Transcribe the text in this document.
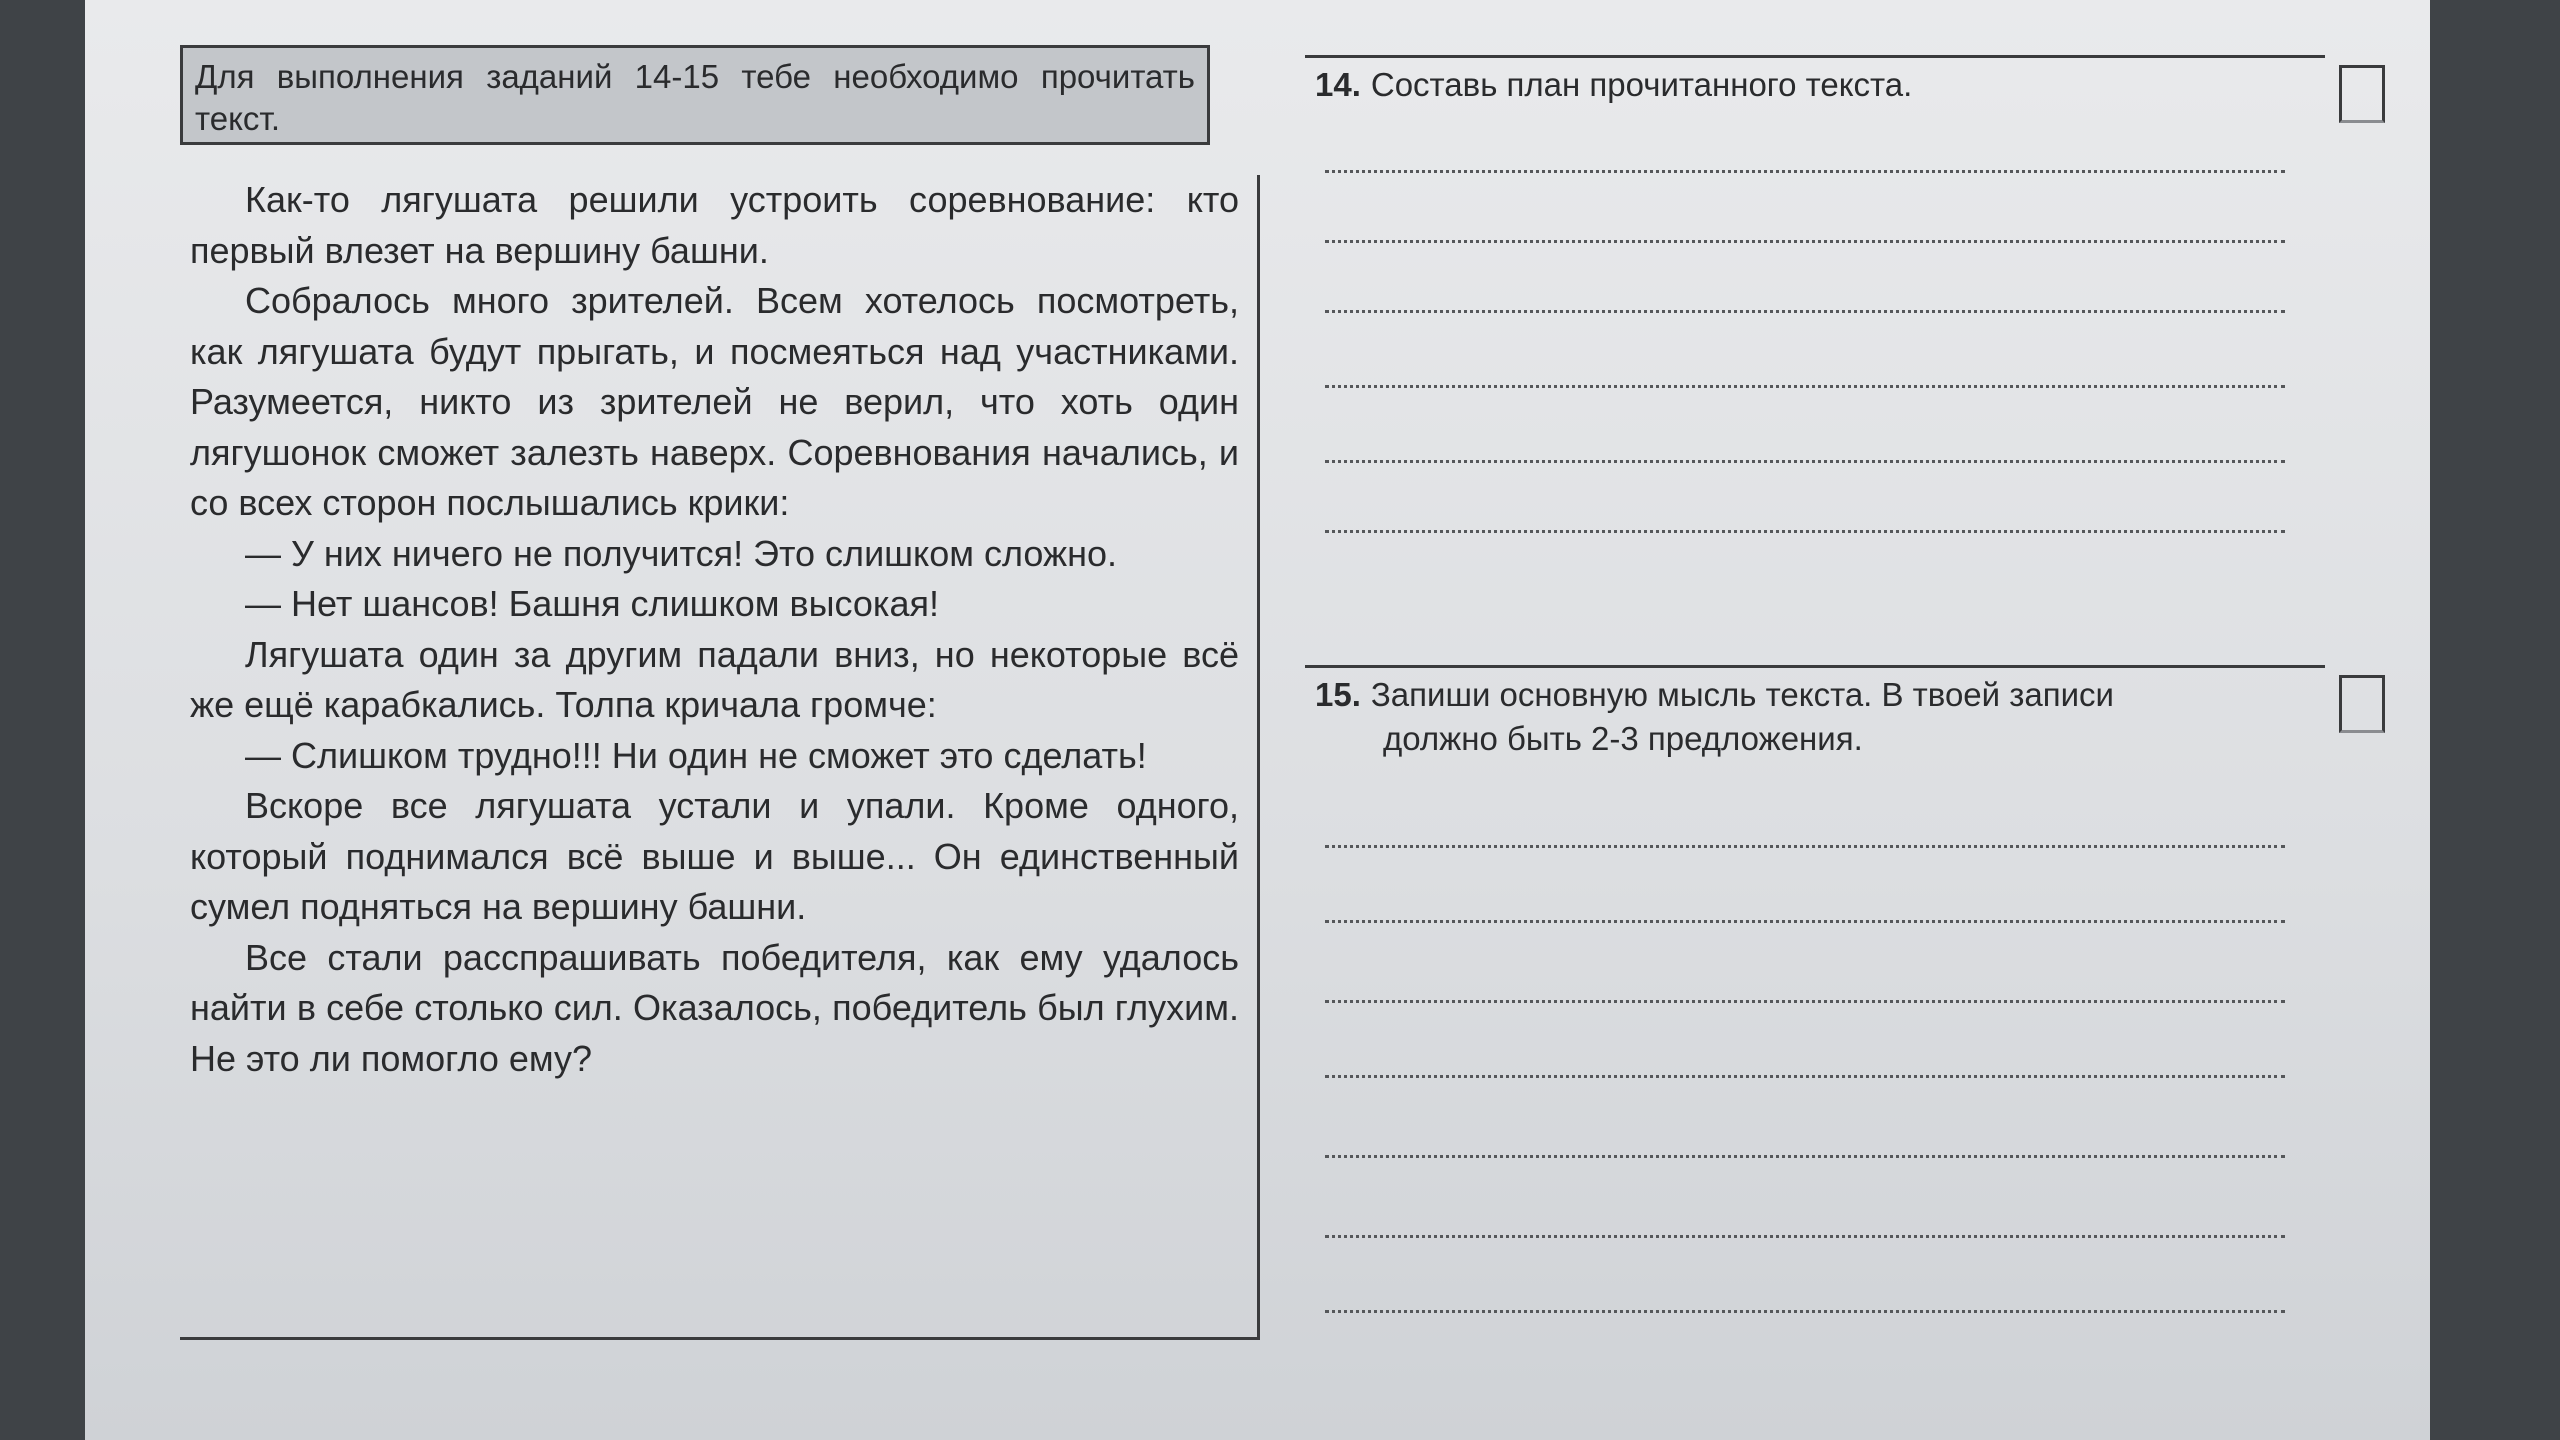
Для выполнения заданий 14-15 тебе необходимо прочитать текст.

Как-то лягушата решили устроить соревнование: кто первый влезет на вершину башни.

Собралось много зрителей. Всем хотелось посмотреть, как лягушата будут прыгать, и посмеяться над участниками. Разумеется, никто из зрителей не верил, что хоть один лягушонок сможет залезть наверх. Соревнования начались, и со всех сторон послышались крики:

— У них ничего не получится! Это слишком сложно.

— Нет шансов! Башня слишком высокая!

Лягушата один за другим падали вниз, но некоторые всё же ещё карабкались. Толпа кричала громче:

— Слишком трудно!!! Ни один не сможет это сделать!

Вскоре все лягушата устали и упали. Кроме одного, который поднимался всё выше и выше... Он единственный сумел подняться на вершину башни.

Все стали расспрашивать победителя, как ему удалось найти в себе столько сил. Оказалось, победитель был глухим. Не это ли помогло ему?

14. Составь план прочитанного текста.
15. Запиши основную мысль текста. В твоей записи
должно быть 2-3 предложения.
